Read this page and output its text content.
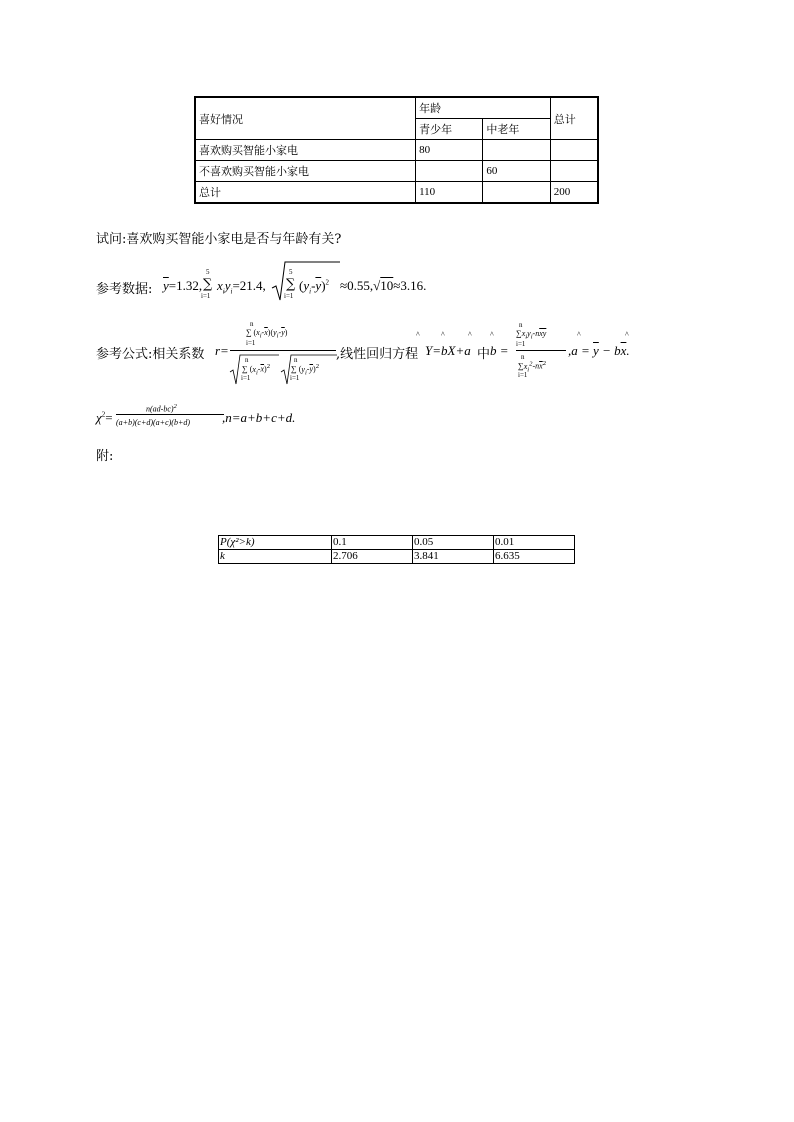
喜好情况	年龄		总计
	青少年	中老年	
喜欢购买智能小家电	80		
不喜欢购买智能小家电		60	
总计	110		200
试问:喜欢购买智能小家电是否与年龄有关?
参考数据: $\overline{y}=1.32$,
5
∑
i=1
$x_iy_i=21.4$,
5
∑
i=1
$(y_i-\overline{y})^2 \approx 0.55,√10\approx 3.16$.
参考公式:相关系数 r=
n
∑ $(x_i-\overline{x})(y_i-\overline{y})$
i=1
n
∑ $(x_i-\overline{x})^2$
i=1
n
∑ $(y_i-\overline{y})^2$
i=1
,线性回归方程
^	^	^
Y=bX+a 中
^
b =
n
$\sum x_iy_i-n\overline{xy}$
i=1
n
$\sum x_i^2-n\overline{x}^2$
i=1
^	^
$,a = \overline{y} - b\overline{x}$.
$\chi^2=$
$n(ad-bc)^2$
(a+b)(c+d)(a+c)(b+d) ,n=a+b+c+d.
附:
P(χ²>k)	0.1	0.05	0.01
k	2.706	3.841	6.635
